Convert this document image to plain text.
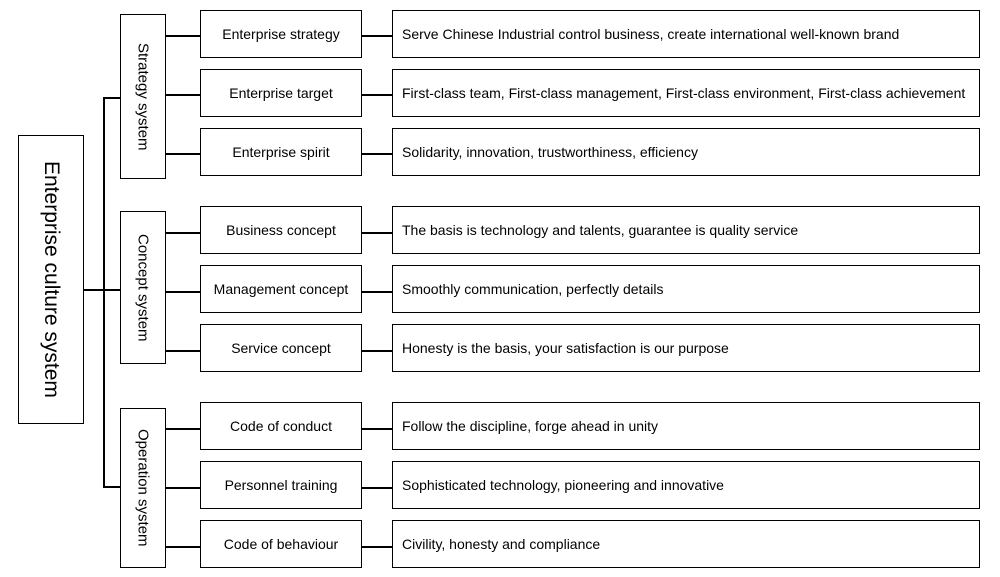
Enterprise culture system
Strategy system
Concept system
Operation system
Enterprise strategy	Serve Chinese Industrial control business, create international well-known brand
Enterprise target	First-class team, First-class management, First-class environment, First-class achievement
Enterprise spirit	Solidarity, innovation, trustworthiness, efficiency
Business concept	The basis is technology and talents, guarantee is quality service
Management concept	Smoothly communication, perfectly details
Service concept	Honesty is the basis, your satisfaction is our purpose
Code of conduct	Follow the discipline, forge ahead in unity
Personnel training	Sophisticated technology, pioneering and innovative
Code of behaviour	Civility, honesty and compliance
